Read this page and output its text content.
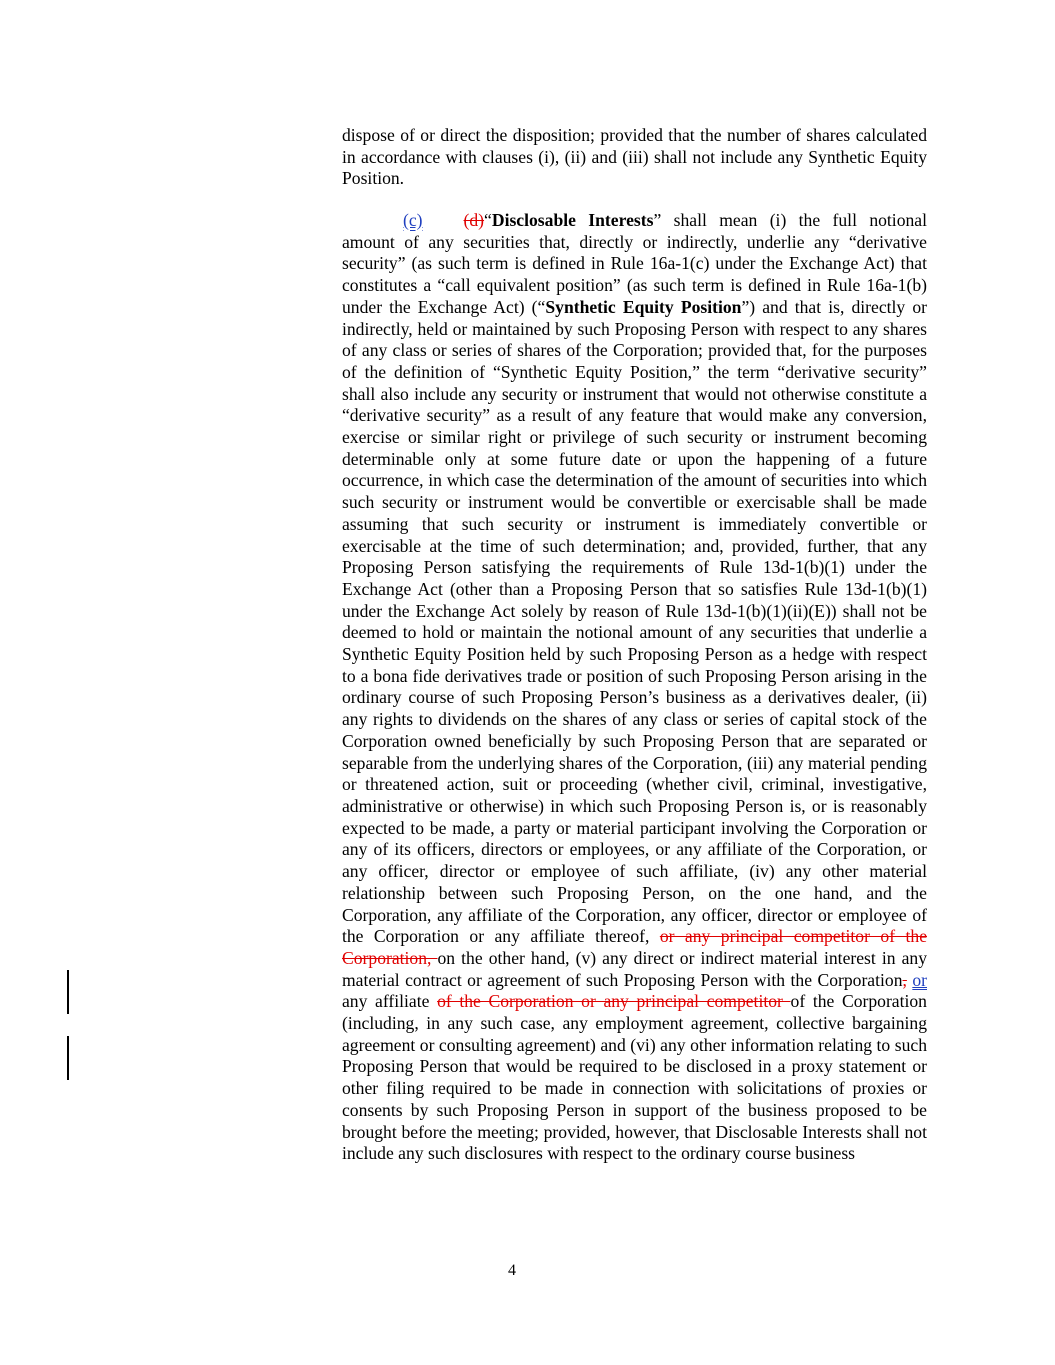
dispose of or direct the disposition; provided that the number of shares calculated in accordance with clauses (i), (ii) and (iii) shall not include any Synthetic Equity Position.

(c) (d)“Disclosable Interests” shall mean (i) the full notional amount of any securities that, directly or indirectly, underlie any “derivative security” (as such term is defined in Rule 16a-1(c) under the Exchange Act) that constitutes a “call equivalent position” (as such term is defined in Rule 16a-1(b) under the Exchange Act) (“Synthetic Equity Position”) and that is, directly or indirectly, held or maintained by such Proposing Person with respect to any shares of any class or series of shares of the Corporation; provided that, for the purposes of the definition of “Synthetic Equity Position,” the term “derivative security” shall also include any security or instrument that would not otherwise constitute a “derivative security” as a result of any feature that would make any conversion, exercise or similar right or privilege of such security or instrument becoming determinable only at some future date or upon the happening of a future occurrence, in which case the determination of the amount of securities into which such security or instrument would be convertible or exercisable shall be made assuming that such security or instrument is immediately convertible or exercisable at the time of such determination; and, provided, further, that any Proposing Person satisfying the requirements of Rule 13d-1(b)(1) under the Exchange Act (other than a Proposing Person that so satisfies Rule 13d-1(b)(1) under the Exchange Act solely by reason of Rule 13d-1(b)(1)(ii)(E)) shall not be deemed to hold or maintain the notional amount of any securities that underlie a Synthetic Equity Position held by such Proposing Person as a hedge with respect to a bona fide derivatives trade or position of such Proposing Person arising in the ordinary course of such Proposing Person’s business as a derivatives dealer, (ii) any rights to dividends on the shares of any class or series of capital stock of the Corporation owned beneficially by such Proposing Person that are separated or separable from the underlying shares of the Corporation, (iii) any material pending or threatened action, suit or proceeding (whether civil, criminal, investigative, administrative or otherwise) in which such Proposing Person is, or is reasonably expected to be made, a party or material participant involving the Corporation or any of its officers, directors or employees, or any affiliate of the Corporation, or any officer, director or employee of such affiliate, (iv) any other material relationship between such Proposing Person, on the one hand, and the Corporation, any affiliate of the Corporation, any officer, director or employee of the Corporation or any affiliate thereof, or any principal competitor of the Corporation, on the other hand, (v) any direct or indirect material interest in any material contract or agreement of such Proposing Person with the Corporation, or any affiliate of the Corporation or any principal competitor of the Corporation (including, in any such case, any employment agreement, collective bargaining agreement or consulting agreement) and (vi) any other information relating to such Proposing Person that would be required to be disclosed in a proxy statement or other filing required to be made in connection with solicitations of proxies or consents by such Proposing Person in support of the business proposed to be brought before the meeting; provided, however, that Disclosable Interests shall not include any such disclosures with respect to the ordinary course business

4
